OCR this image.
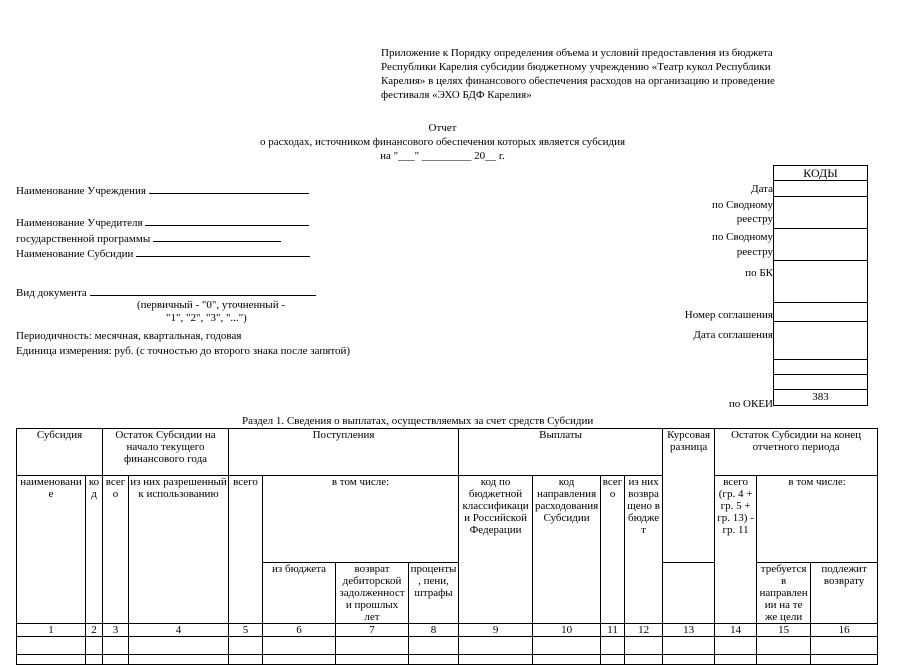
Приложение к Порядку определения объема и условий предоставления из бюджета
Республики Карелия субсидии бюджетному учреждению «Театр кукол Республики
Карелия» в целях финансового обеспечения расходов на организацию и проведение
фестиваля «ЭХО БДФ Карелия»
Отчет
о расходах, источником финансового обеспечения которых является субсидия
на "___" _________ 20__ г.
Наименование Учреждения
Наименование Учредителя
государственной программы
Наименование Субсидии
Вид документа
(первичный - "0", уточненный -
"1", "2", "3", "...")
Периодичность: месячная, квартальная, годовая
Единица измерения: руб. (с точностью до второго знака после запятой)
Дата
по Сводному
реестру
по Сводному
реестру
по БК
Номер соглашения
Дата соглашения
по ОКЕИ
КОДЫ
383
Раздел 1. Сведения о выплатах, осуществляемых за счет средств Субсидии
Субсидия		Остаток Субсидии на начало текущего финансового года		Поступления				Выплаты				Курсовая разница	Остаток Субсидии на конец отчетного периода		
наименование	код	всего	из них разрешенный к использованию	всего	в том числе:			код по бюджетной классификации Российской Федерации	код направления расходования Субсидии	всего	из них возвращено в бюджет		всего (гр. 4 + гр. 5 + гр. 13) - гр. 11	в том числе:	
					из бюджета	возврат дебиторской задолженности прошлых лет	проценты, пени, штрафы							требуется в направлении на те же цели	подлежит возврату
1	2	3	4	5	6	7	8	9	10	11	12	13	14	15	16
